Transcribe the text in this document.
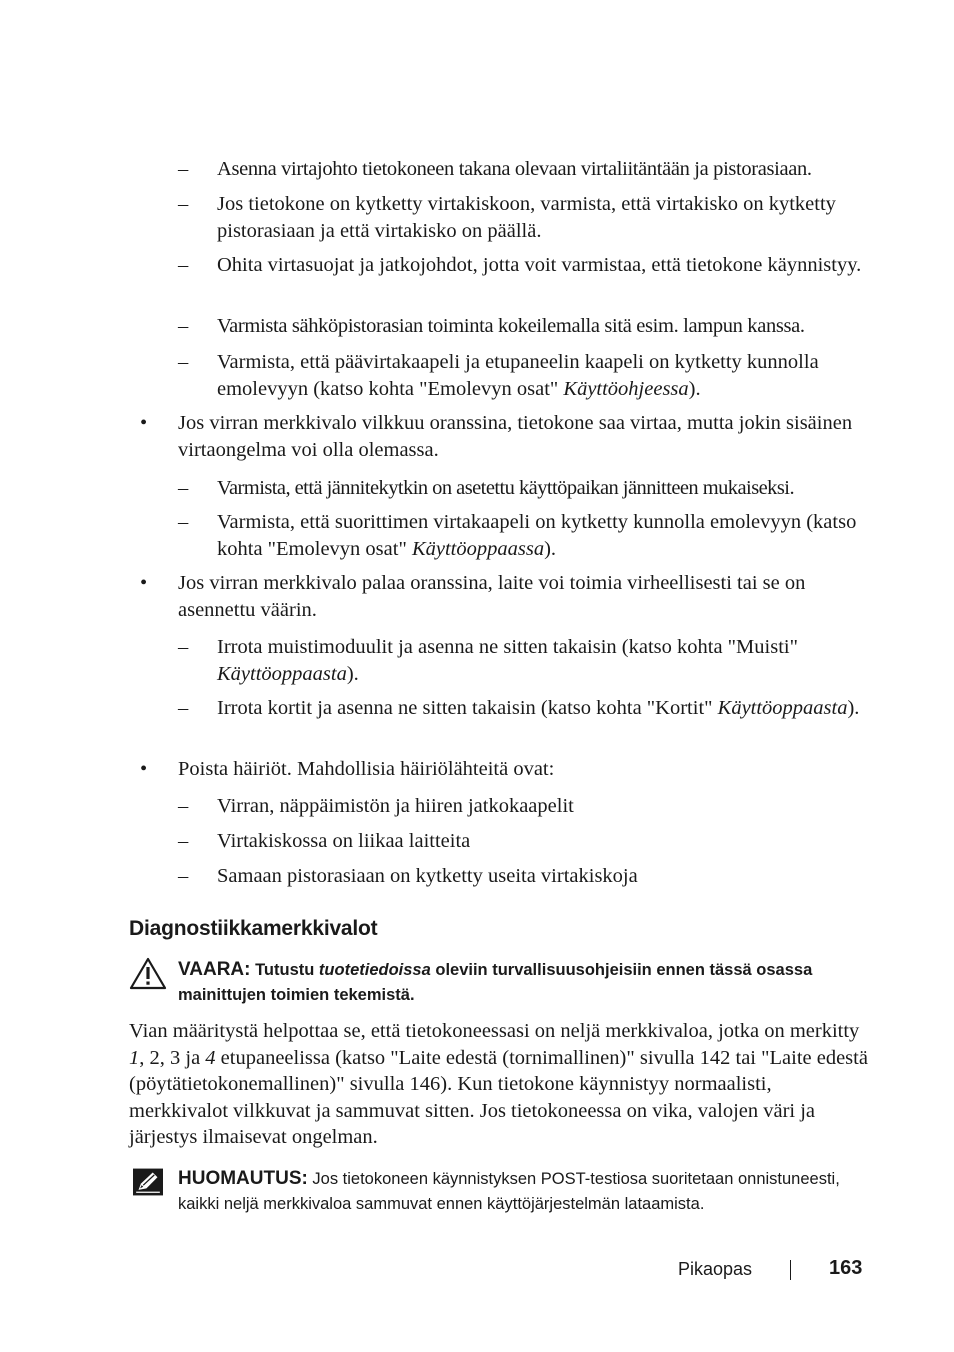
–	Asenna virtajohto tietokoneen takana olevaan virtaliitäntään ja pistorasiaan.
–	Jos tietokone on kytketty virtakiskoon, varmista, että virtakisko on kytketty pistorasiaan ja että virtakisko on päällä.
–	Ohita virtasuojat ja jatkojohdot, jotta voit varmistaa, että tietokone käynnistyy.
–	Varmista sähköpistorasian toiminta kokeilemalla sitä esim. lampun kanssa.
–	Varmista, että päävirtakaapeli ja etupaneelin kaapeli on kytketty kunnolla emolevyyn (katso kohta "Emolevyn osat" Käyttöohjeessa).
•	Jos virran merkkivalo vilkkuu oranssina, tietokone saa virtaa, mutta jokin sisäinen virtaongelma voi olla olemassa.
–	Varmista, että jännitekytkin on asetettu käyttöpaikan jännitteen mukaiseksi.
–	Varmista, että suorittimen virtakaapeli on kytketty kunnolla emolevyyn (katso kohta "Emolevyn osat" Käyttöoppaassa).
•	Jos virran merkkivalo palaa oranssina, laite voi toimia virheellisesti tai se on asennettu väärin.
–	Irrota muistimoduulit ja asenna ne sitten takaisin (katso kohta "Muisti" Käyttöoppaasta).
–	Irrota kortit ja asenna ne sitten takaisin (katso kohta "Kortit" Käyttöoppaasta).
•	Poista häiriöt. Mahdollisia häiriölähteitä ovat:
–	Virran, näppäimistön ja hiiren jatkokaapelit
–	Virtakiskossa on liikaa laitteita
–	Samaan pistorasiaan on kytketty useita virtakiskoja
Diagnostiikkamerkkivalot
VAARA: Tutustu tuotetiedoissa oleviin turvallisuusohjeisiin ennen tässä osassa mainittujen toimien tekemistä.
Vian määritystä helpottaa se, että tietokoneessasi on neljä merkkivaloa, jotka on merkitty 1, 2, 3 ja 4 etupaneelissa (katso "Laite edestä (tornimallinen)" sivulla 142 tai "Laite edestä (pöytätietokonemallinen)" sivulla 146). Kun tietokone käynnistyy normaalisti, merkkivalot vilkkuvat ja sammuvat sitten. Jos tietokoneessa on vika, valojen väri ja järjestys ilmaisevat ongelman.
HUOMAUTUS: Jos tietokoneen käynnistyksen POST-testiosa suoritetaan onnistuneesti, kaikki neljä merkkivaloa sammuvat ennen käyttöjärjestelmän lataamista.
Pikaopas	163
